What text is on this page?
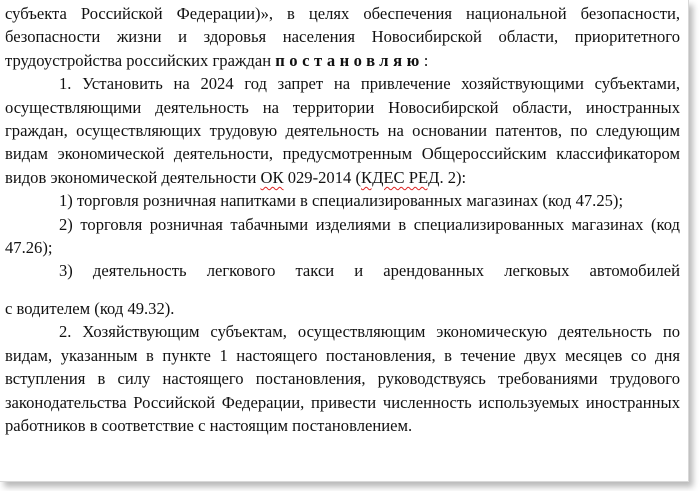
субъекта Российской Федерации)», в целях обеспечения национальной безопасности, безопасности жизни и здоровья населения Новосибирской области, приоритетного трудоустройства российских граждан постановляю:

1. Установить на 2024 год запрет на привлечение хозяйствующими субъектами, осуществляющими деятельность на территории Новосибирской области, иностранных граждан, осуществляющих трудовую деятельность на основании патентов, по следующим видам экономической деятельности, предусмотренным Общероссийским классификатором видов экономической деятельности ОК 029-2014 (КДЕС РЕД. 2):

1) торговля розничная напитками в специализированных магазинах (код 47.25);

2) торговля розничная табачными изделиями в специализированных магазинах (код 47.26);

3) деятельность легкового такси и арендованных легковых автомобилей

с водителем (код 49.32).

2. Хозяйствующим субъектам, осуществляющим экономическую деятельность по видам, указанным в пункте 1 настоящего постановления, в течение двух месяцев со дня вступления в силу настоящего постановления, руководствуясь требованиями трудового законодательства Российской Федерации, привести численность используемых иностранных работников в соответствие с настоящим постановлением.
